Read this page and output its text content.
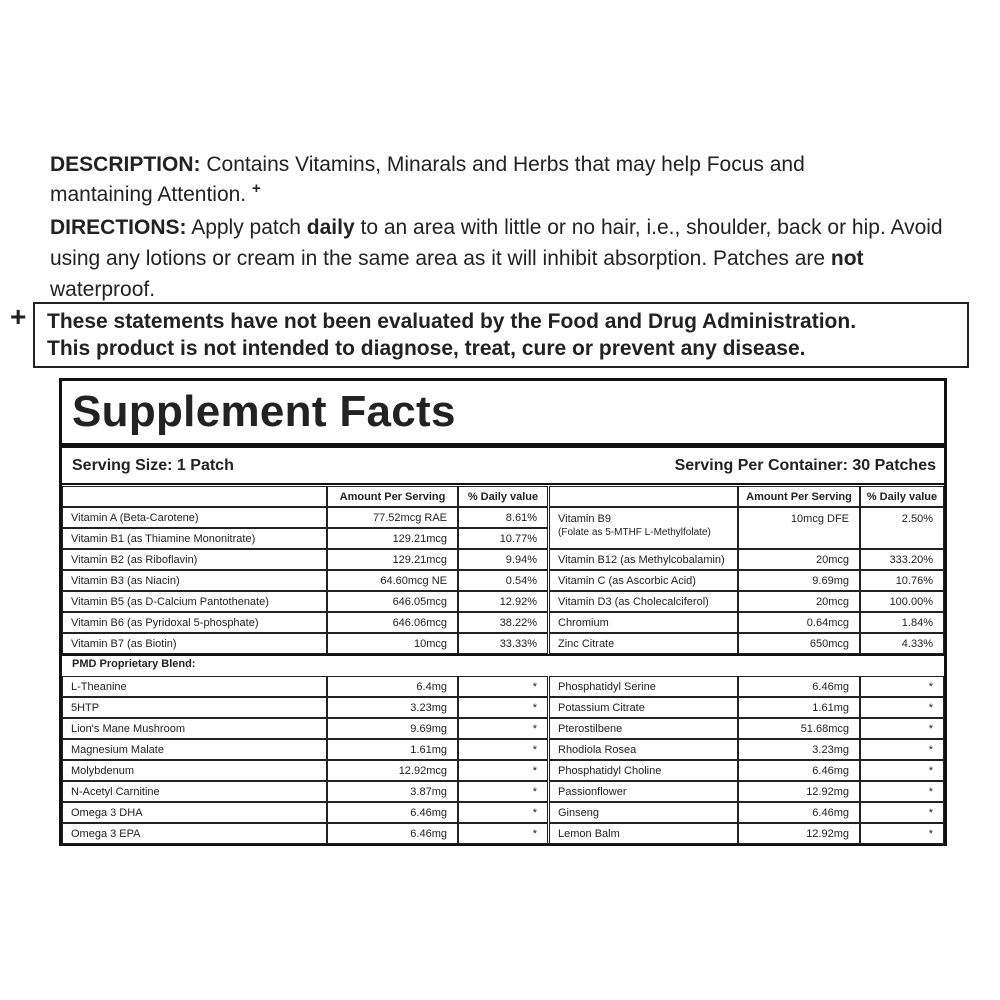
DESCRIPTION: Contains Vitamins, Minarals and Herbs that may help Focus and mantaining Attention. +
DIRECTIONS: Apply patch daily to an area with little or no hair, i.e., shoulder, back or hip. Avoid using any lotions or cream in the same area as it will inhibit absorption. Patches are not waterproof.
+ These statements have not been evaluated by the Food and Drug Administration.
This product is not intended to diagnose, treat, cure or prevent any disease.
Supplement Facts
Serving Size: 1 Patch	Serving Per Container: 30 Patches
Amount Per Serving	% Daily value	Amount Per Serving	% Daily value
Vitamin A (Beta-Carotene)	77.52mcg RAE	8.61%
Vitamin B1 (as Thiamine Mononitrate)	129.21mcg	10.77%
Vitamin B2 (as Riboflavin)	129.21mcg	9.94%
Vitamin B3 (as Niacin)	64.60mcg NE	0.54%
Vitamin B5 (as D-Calcium Pantothenate)	646.05mcg	12.92%
Vitamin B6 (as Pyridoxal 5-phosphate)	646.06mcg	38.22%
Vitamin B7 (as Biotin)	10mcg	33.33%
Vitamin B9
(Folate as 5-MTHF L-Methylfolate)
10mcg DFE	2.50%
Vitamin B12 (as Methylcobalamin)	20mcg	333.20%
Vitamin C (as Ascorbic Acid)	9.69mg	10.76%
Vitamin D3 (as Cholecalciferol)	20mcg	100.00%
Chromium	0.64mcg	1.84%
Zinc Citrate	650mcg	4.33%
PMD Proprietary Blend:
L-Theanine	6.4mg	*
5HTP	3.23mg	*
Lion's Mane Mushroom	9.69mg	*
Magnesium Malate	1.61mg	*
Molybdenum	12.92mcg	*
N-Acetyl Carnitine	3.87mg	*
Omega 3 DHA	6.46mg	*
Omega 3 EPA	6.46mg	*
Phosphatidyl Serine	6.46mg	*
Potassium Citrate	1.61mg	*
Pterostilbene	51.68mcg	*
Rhodiola Rosea	3.23mg	*
Phosphatidyl Choline	6.46mg	*
Passionflower	12.92mg	*
Ginseng	6.46mg	*
Lemon Balm	12.92mg	*
